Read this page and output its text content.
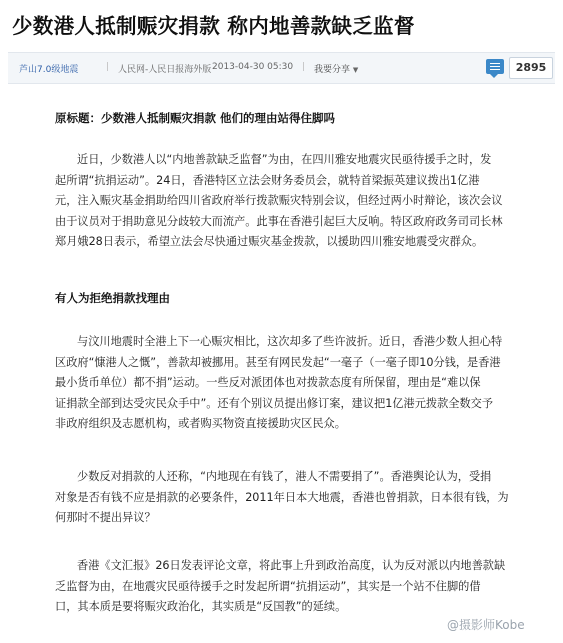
少数港人抵制赈灾捐款 称内地善款缺乏监督
芦山7.0级地震	| 人民网-人民日报海外版 2013-04-30 05:30 | 我要分享 ▼	2895
原标题：少数港人抵制赈灾捐款 他们的理由站得住脚吗
近日，少数港人以“内地善款缺乏监督”为由，在四川雅安地震灾民亟待援手之时，发
起所谓“抗捐运动”。24日，香港特区立法会财务委员会，就特首梁振英建议拨出1亿港
元，注入赈灾基金捐助给四川省政府举行拨款赈灾特别会议，但经过两小时辩论，该次会议
由于议员对于捐助意见分歧较大而流产。此事在香港引起巨大反响。特区政府政务司司长林
郑月娥28日表示，希望立法会尽快通过赈灾基金拨款，以援助四川雅安地震受灾群众。
有人为拒绝捐款找理由
与汶川地震时全港上下一心赈灾相比，这次却多了些许波折。近日，香港少数人担心特
区政府“慷港人之慨”，善款却被挪用。甚至有网民发起“一毫子（一毫子即10分钱，是香港
最小货币单位）都不捐”运动。一些反对派团体也对拨款态度有所保留，理由是“难以保
证捐款全部到达受灾民众手中”。还有个别议员提出修订案，建议把1亿港元拨款全数交予
非政府组织及志愿机构，或者购买物资直接援助灾区民众。
少数反对捐款的人还称，“内地现在有钱了，港人不需要捐了”。香港舆论认为，受捐
对象是否有钱不应是捐款的必要条件，2011年日本大地震，香港也曾捐款，日本很有钱，为
何那时不提出异议？
香港《文汇报》26日发表评论文章，将此事上升到政治高度，认为反对派以内地善款缺
乏监督为由，在地震灾民亟待援手之时发起所谓“抗捐运动”，其实是一个站不住脚的借
口，其本质是要将赈灾政治化，其实质是“反国教”的延续。
@摄影师Kobe
